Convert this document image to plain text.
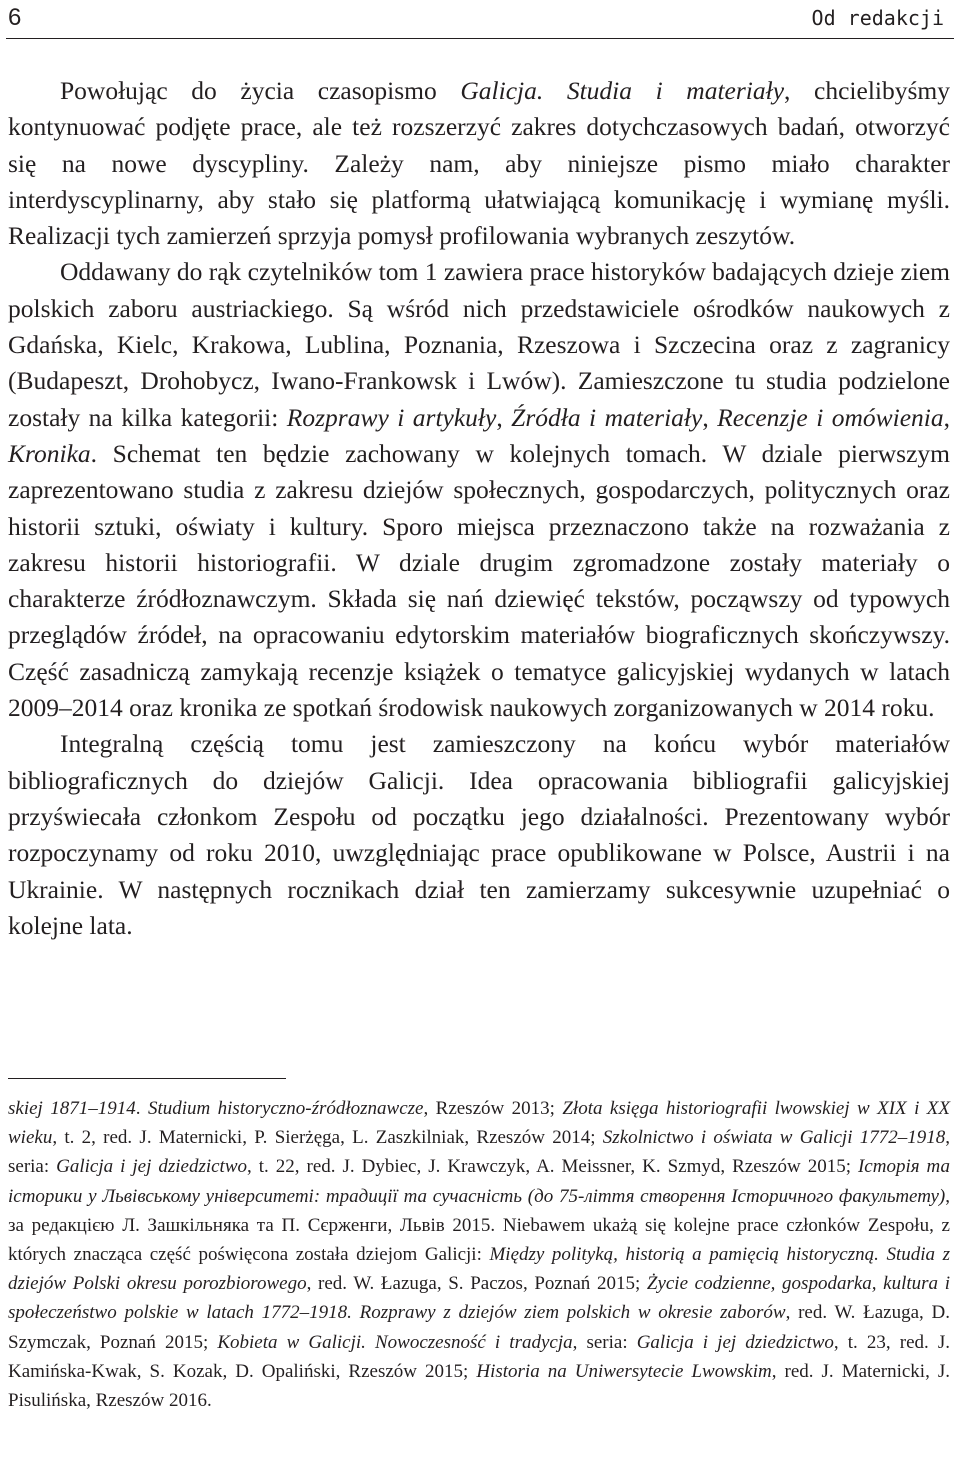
6	Od redakcji

Powołując do życia czasopismo Galicja. Studia i materiały, chcielibyśmy kontynuować podjęte prace, ale też rozszerzyć zakres dotychczasowych badań, otworzyć się na nowe dyscypliny. Zależy nam, aby niniejsze pismo miało charakter interdyscyplinarny, aby stało się platformą ułatwiającą komunikację i wymianę myśli. Realizacji tych zamierzeń sprzyja pomysł profilowania wybranych zeszytów.

Oddawany do rąk czytelników tom 1 zawiera prace historyków badających dzieje ziem polskich zaboru austriackiego. Są wśród nich przedstawiciele ośrodków naukowych z Gdańska, Kielc, Krakowa, Lublina, Poznania, Rzeszowa i Szczecina oraz z zagranicy (Budapeszt, Drohobycz, Iwano-Frankowsk i Lwów). Zamieszczone tu studia podzielone zostały na kilka kategorii: Rozprawy i artykuły, Źródła i materiały, Recenzje i omówienia, Kronika. Schemat ten będzie zachowany w kolejnych tomach. W dziale pierwszym zaprezentowano studia z zakresu dziejów społecznych, gospodarczych, politycznych oraz historii sztuki, oświaty i kultury. Sporo miejsca przeznaczono także na rozważania z zakresu historii historiografii. W dziale drugim zgromadzone zostały materiały o charakterze źródłoznawczym. Składa się nań dziewięć tekstów, począwszy od typowych przeglądów źródeł, na opracowaniu edytorskim materiałów biograficznych skończywszy. Część zasadniczą zamykają recenzje książek o tematyce galicyjskiej wydanych w latach 2009–2014 oraz kronika ze spotkań środowisk naukowych zorganizowanych w 2014 roku.

Integralną częścią tomu jest zamieszczony na końcu wybór materiałów bibliograficznych do dziejów Galicji. Idea opracowania bibliografii galicyjskiej przyświecała członkom Zespołu od początku jego działalności. Prezentowany wybór rozpoczynamy od roku 2010, uwzględniając prace opublikowane w Polsce, Austrii i na Ukrainie. W następnych rocznikach dział ten zamierzamy sukcesywnie uzupełniać o kolejne lata.

skiej 1871–1914. Studium historyczno-źródłoznawcze, Rzeszów 2013; Złota księga historiografii lwowskiej w XIX i XX wieku, t. 2, red. J. Maternicki, P. Sierżęga, L. Zaszkilniak, Rzeszów 2014; Szkolnictwo i oświata w Galicji 1772–1918, seria: Galicja i jej dziedzictwo, t. 22, red. J. Dybiec, J. Krawczyk, A. Meissner, K. Szmyd, Rzeszów 2015; Історія та історики у Львівському університеті: традиції та сучасність (до 75-ліття створення Історичного факультету), за редакцією Л. Зашкільняка та П. Сєрженги, Львів 2015. Niebawem ukażą się kolejne prace członków Zespołu, z których znacząca część poświęcona została dziejom Galicji: Między polityką, historią a pamięcią historyczną. Studia z dziejów Polski okresu porozbiorowego, red. W. Łazuga, S. Paczos, Poznań 2015; Życie codzienne, gospodarka, kultura i społeczeństwo polskie w latach 1772–1918. Rozprawy z dziejów ziem polskich w okresie zaborów, red. W. Łazuga, D. Szymczak, Poznań 2015; Kobieta w Galicji. Nowoczesność i tradycja, seria: Galicja i jej dziedzictwo, t. 23, red. J. Kamińska-Kwak, S. Kozak, D. Opaliński, Rzeszów 2015; Historia na Uniwersytecie Lwowskim, red. J. Maternicki, J. Pisulińska, Rzeszów 2016.
